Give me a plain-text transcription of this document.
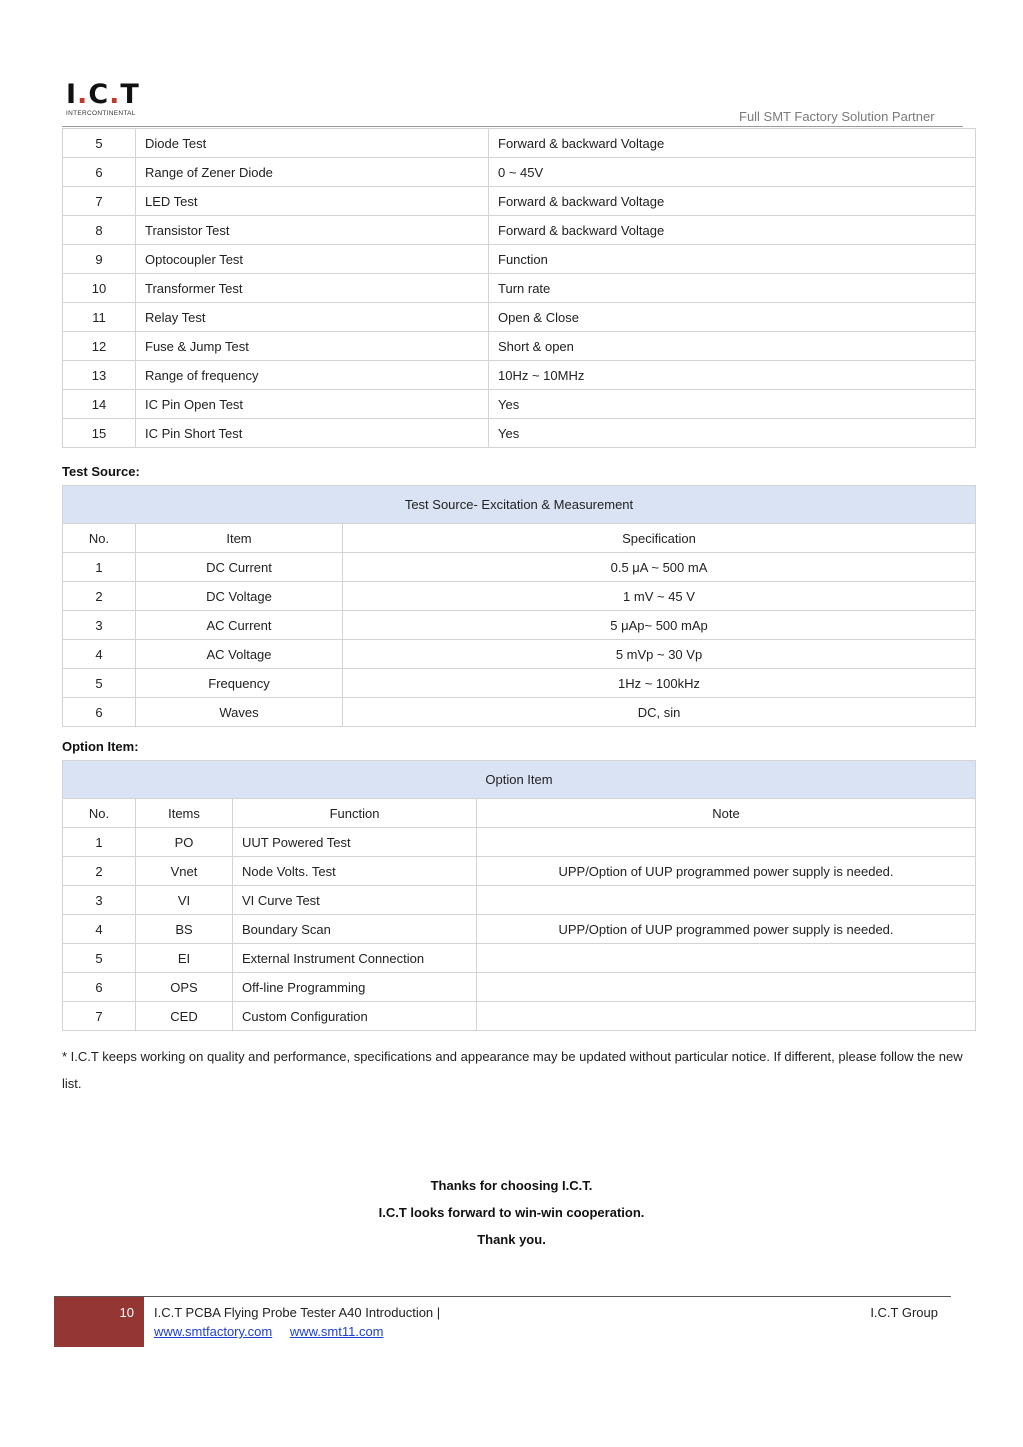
I.C.T
INTERCONTINENTAL	Full SMT Factory Solution Partner
5	Diode Test	Forward & backward Voltage
6	Range of Zener Diode	0 ~ 45V
7	LED Test	Forward & backward Voltage
8	Transistor Test	Forward & backward Voltage
9	Optocoupler Test	Function
10	Transformer Test	Turn rate
11	Relay Test	Open & Close
12	Fuse & Jump Test	Short & open
13	Range of frequency	10Hz ~ 10MHz
14	IC Pin Open Test	Yes
15	IC Pin Short Test	Yes
Test Source:
Test Source- Excitation & Measurement		
No.	Item	Specification
1	DC Current	0.5 μA ~ 500 mA
2	DC Voltage	1 mV ~ 45 V
3	AC Current	5 μAp~ 500 mAp
4	AC Voltage	5 mVp ~ 30 Vp
5	Frequency	1Hz ~ 100kHz
6	Waves	DC, sin
Option Item:
Option Item			
No.	Items	Function	Note
1	PO	UUT Powered Test	
2	Vnet	Node Volts. Test	UPP/Option of UUP programmed power supply is needed.
3	VI	VI Curve Test	
4	BS	Boundary Scan	UPP/Option of UUP programmed power supply is needed.
5	EI	External Instrument Connection	
6	OPS	Off-line Programming	
7	CED	Custom Configuration	
* I.C.T keeps working on quality and performance, specifications and appearance may be updated without particular notice. If different, please follow the new list.
Thanks for choosing I.C.T.
I.C.T looks forward to win-win cooperation.
Thank you.
10 I.C.T PCBA Flying Probe Tester A40 Introduction |	I.C.T Group
www.smtfactory.com www.smt11.com
